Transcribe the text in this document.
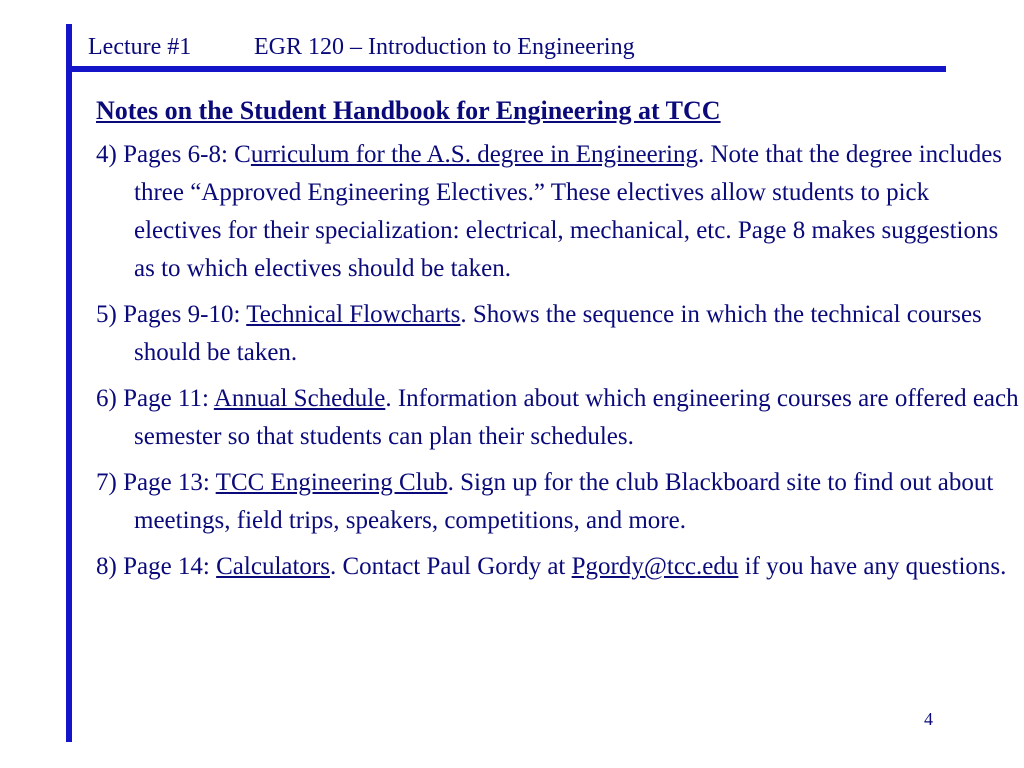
Lecture #1	EGR 120 – Introduction to Engineering
Notes on the Student Handbook for Engineering at TCC
4) Pages 6-8: Curriculum for the A.S. degree in Engineering. Note that the degree includes three “Approved Engineering Electives.” These electives allow students to pick electives for their specialization: electrical, mechanical, etc. Page 8 makes suggestions as to which electives should be taken.
5) Pages 9-10: Technical Flowcharts. Shows the sequence in which the technical courses should be taken.
6) Page 11: Annual Schedule. Information about which engineering courses are offered each semester so that students can plan their schedules.
7) Page 13: TCC Engineering Club. Sign up for the club Blackboard site to find out about meetings, field trips, speakers, competitions, and more.
8) Page 14: Calculators. Contact Paul Gordy at Pgordy@tcc.edu if you have any questions.
4
